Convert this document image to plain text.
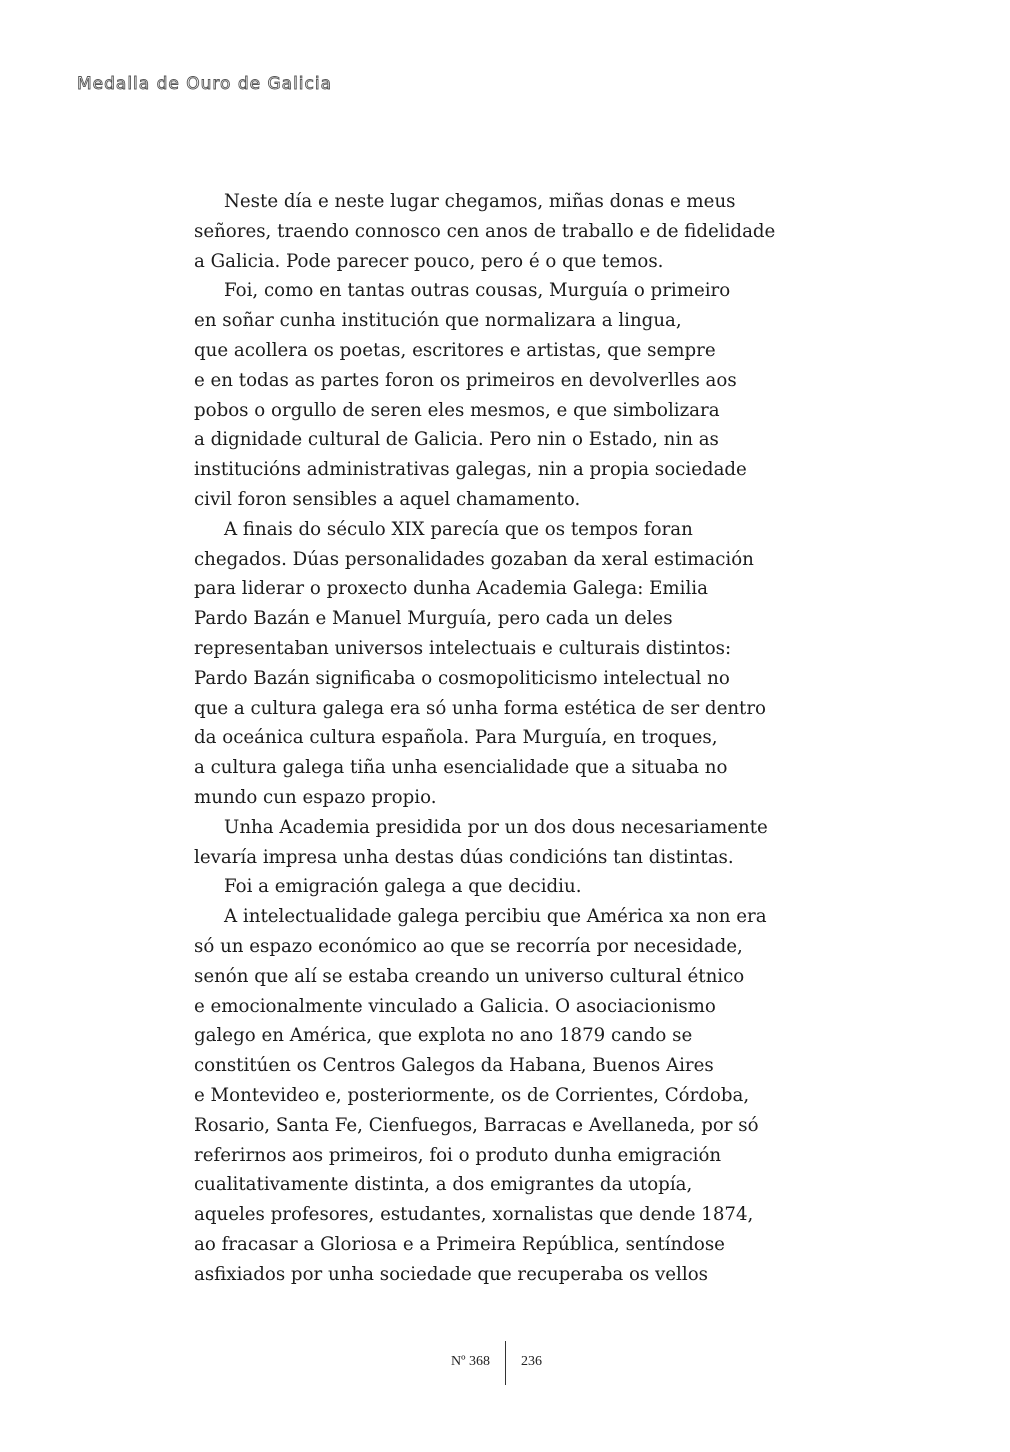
Medalla de Ouro de Galicia
Neste día e neste lugar chegamos, miñas donas e meus
señores, traendo connosco cen anos de traballo e de fidelidade
a Galicia. Pode parecer pouco, pero é o que temos.
Foi, como en tantas outras cousas, Murguía o primeiro
en soñar cunha institución que normalizara a lingua,
que acollera os poetas, escritores e artistas, que sempre
e en todas as partes foron os primeiros en devolverlles aos
pobos o orgullo de seren eles mesmos, e que simbolizara
a dignidade cultural de Galicia. Pero nin o Estado, nin as
institucións administrativas galegas, nin a propia sociedade
civil foron sensibles a aquel chamamento.
A finais do século XIX parecía que os tempos foran
chegados. Dúas personalidades gozaban da xeral estimación
para liderar o proxecto dunha Academia Galega: Emilia
Pardo Bazán e Manuel Murguía, pero cada un deles
representaban universos intelectuais e culturais distintos:
Pardo Bazán significaba o cosmopoliticismo intelectual no
que a cultura galega era só unha forma estética de ser dentro
da oceánica cultura española. Para Murguía, en troques,
a cultura galega tiña unha esencialidade que a situaba no
mundo cun espazo propio.
Unha Academia presidida por un dos dous necesariamente
levaría impresa unha destas dúas condicións tan distintas.
Foi a emigración galega a que decidiu.
A intelectualidade galega percibiu que América xa non era
só un espazo económico ao que se recorría por necesidade,
senón que alí se estaba creando un universo cultural étnico
e emocionalmente vinculado a Galicia. O asociacionismo
galego en América, que explota no ano 1879 cando se
constitúen os Centros Galegos da Habana, Buenos Aires
e Montevideo e, posteriormente, os de Corrientes, Córdoba,
Rosario, Santa Fe, Cienfuegos, Barracas e Avellaneda, por só
referirnos aos primeiros, foi o produto dunha emigración
cualitativamente distinta, a dos emigrantes da utopía,
aqueles profesores, estudantes, xornalistas que dende 1874,
ao fracasar a Gloriosa e a Primeira República, sentíndose
asfixiados por unha sociedade que recuperaba os vellos
Nº 368 236
